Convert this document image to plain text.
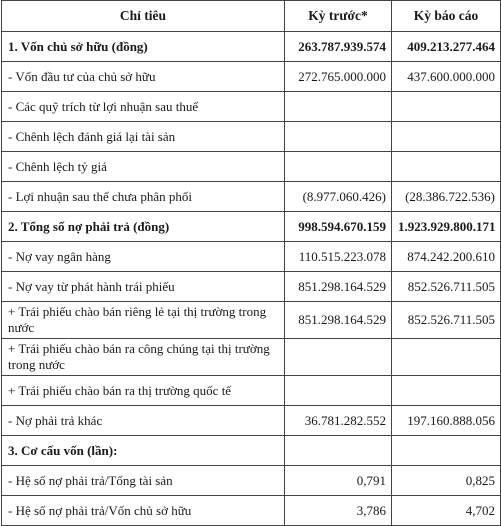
Chỉ tiêu	Kỳ trước*	Kỳ báo cáo
1. Vốn chủ sở hữu (đồng)	263.787.939.574	409.213.277.464
- Vốn đầu tư của chủ sở hữu	272.765.000.000	437.600.000.000
- Các quỹ trích từ lợi nhuận sau thuế		
- Chênh lệch đánh giá lại tài sản		
- Chênh lệch tỷ giá		
- Lợi nhuận sau thế chưa phân phối	(8.977.060.426)	(28.386.722.536)
2. Tổng số nợ phải trả (đồng)	998.594.670.159	1.923.929.800.171
- Nợ vay ngân hàng	110.515.223.078	874.242.200.610
- Nợ vay từ phát hành trái phiếu	851.298.164.529	852.526.711.505
+ Trái phiếu chào bán riêng lẻ tại thị trường trong nước	851.298.164.529	852.526.711.505
+ Trái phiếu chào bán ra công chúng tại thị trường trong nước		
+ Trái phiếu chào bán ra thị trường quốc tế		
- Nợ phải trả khác	36.781.282.552	197.160.888.056
3. Cơ cấu vốn (lần):		
- Hệ số nợ phải trả/Tổng tài sản	0,791	0,825
- Hệ số nợ phải trả/Vốn chủ sở hữu	3,786	4,702
